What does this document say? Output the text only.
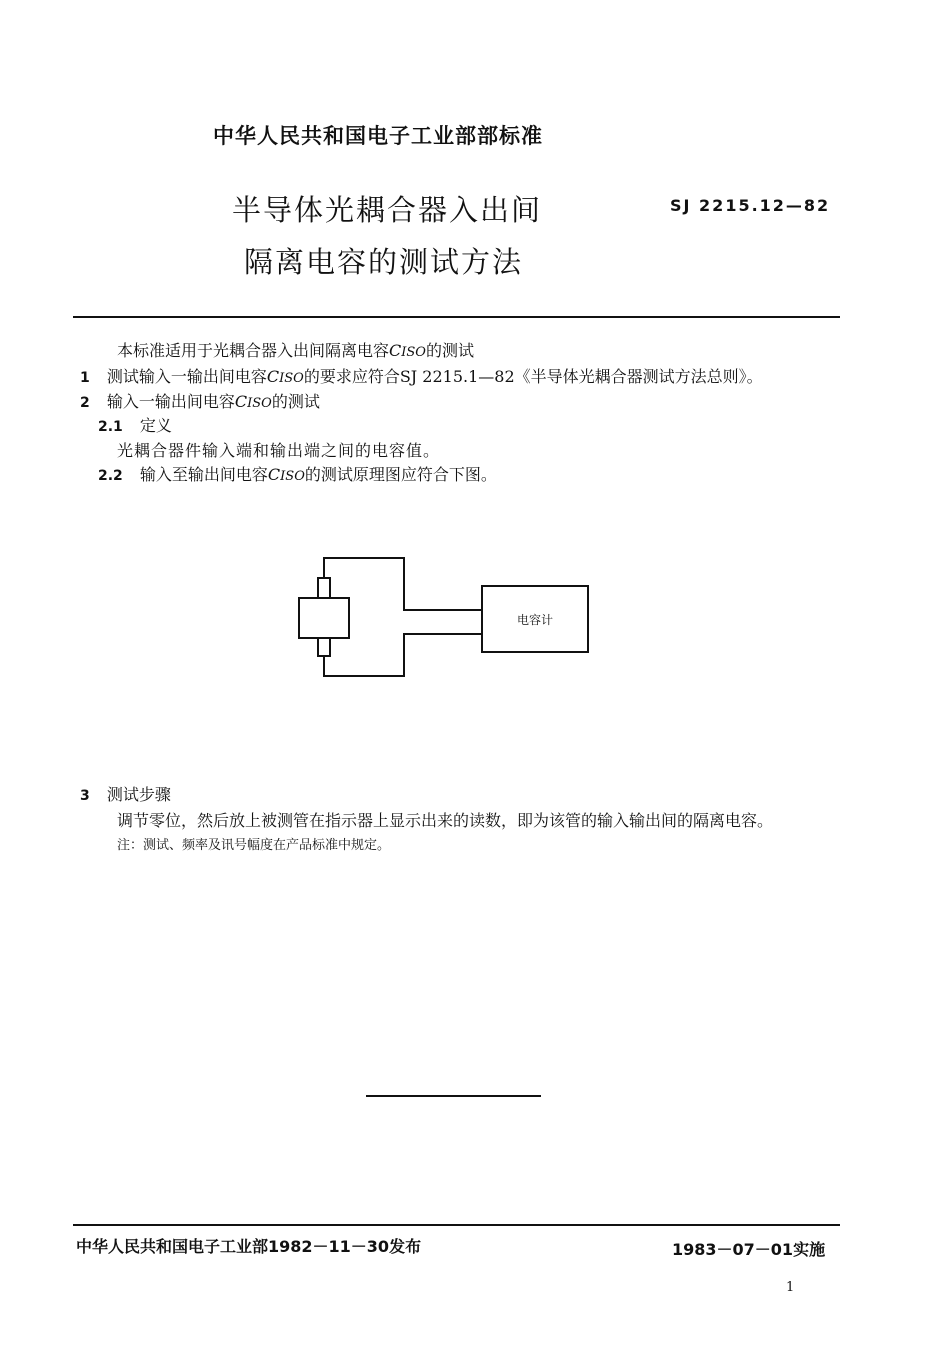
中华人民共和国电子工业部部标准
半导体光耦合器入出间
隔离电容的测试方法
SJ 2215.12—82
本标准适用于光耦合器入出间隔离电容CISO的测试
1 测试输入一输出间电容CISO的要求应符合SJ 2215.1—82《半导体光耦合器测试方法总则》。
2 输入一输出间电容CISO的测试
2.1 定义
光耦合器件输入端和输出端之间的电容值。
2.2 输入至输出间电容CISO的测试原理图应符合下图。
电容计
3 测试步骤
调节零位，然后放上被测管在指示器上显示出来的读数，即为该管的输入输出间的隔离电容。
注：测试、频率及讯号幅度在产品标准中规定。
中华人民共和国电子工业部1982－11－30发布	1983－07－01实施
1
